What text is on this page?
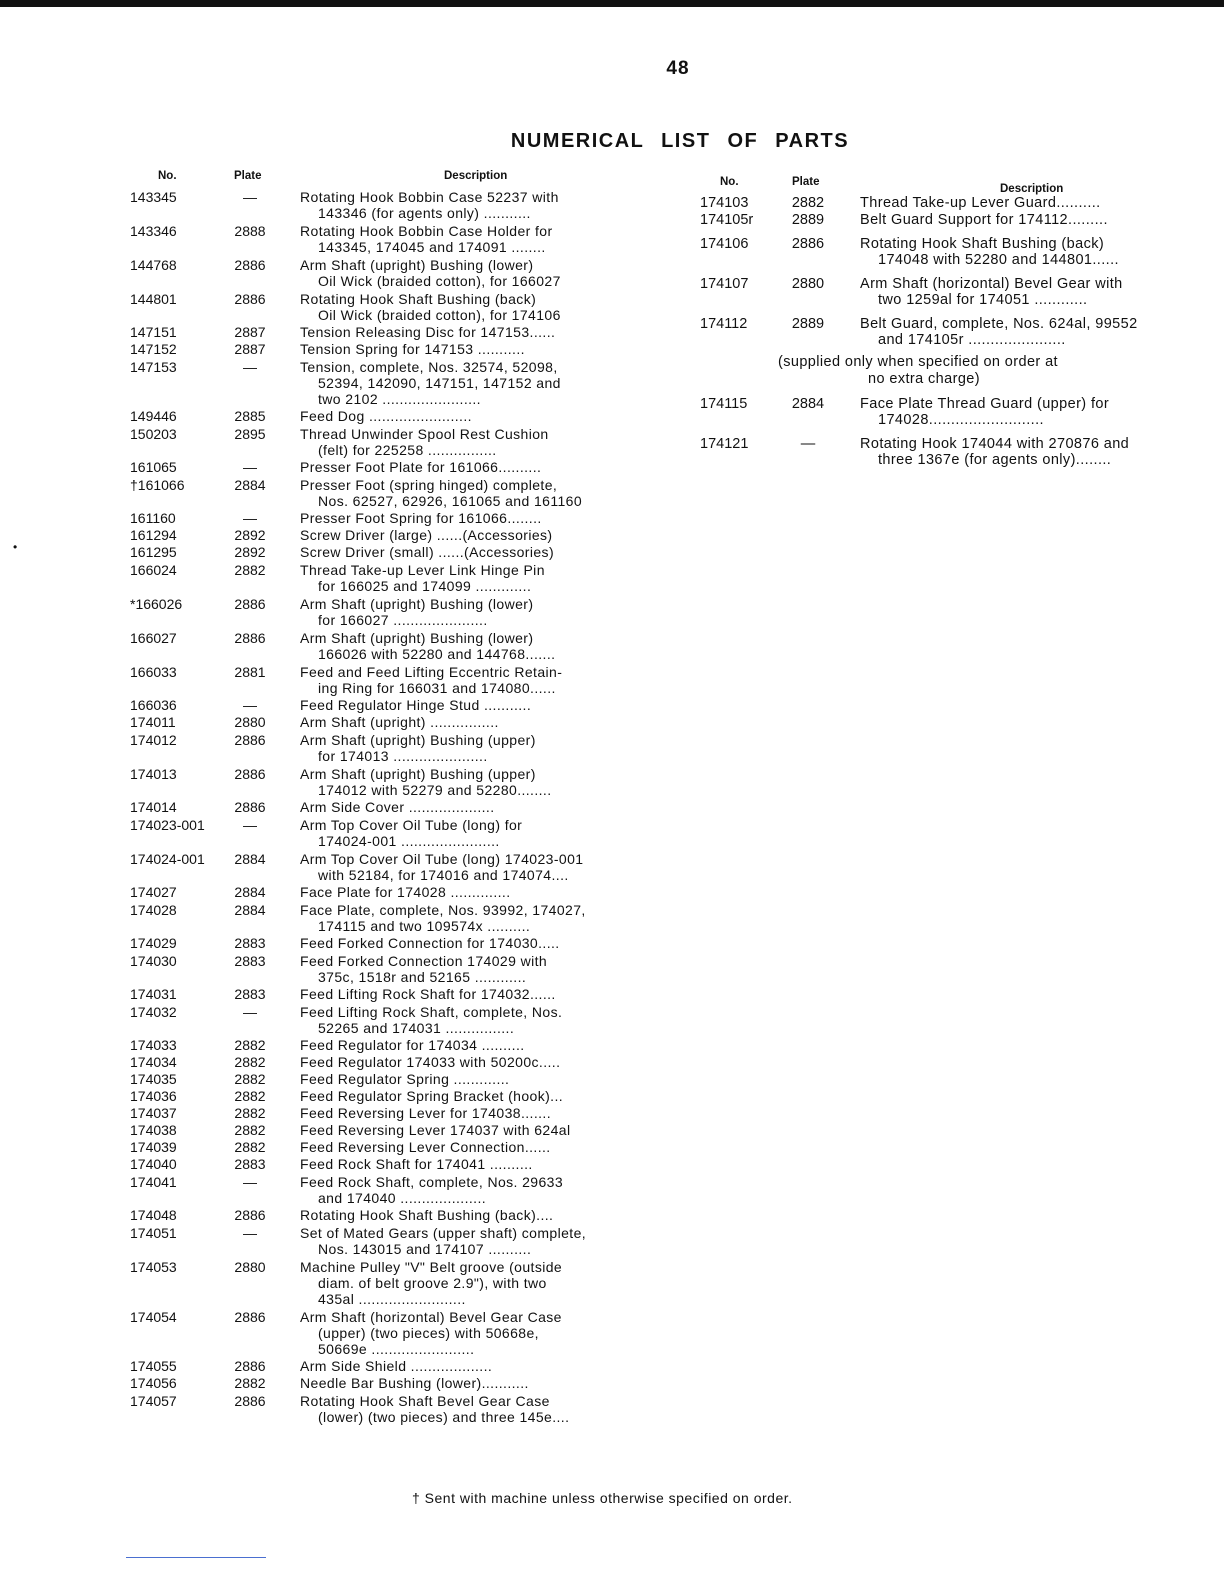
•
48
NUMERICAL LIST OF PARTS
No.	Plate	Description
143345	—	Rotating Hook Bobbin Case 52237 with
143346 (for agents only) ...........
143346	2888	Rotating Hook Bobbin Case Holder for
143345, 174045 and 174091 ........
144768	2886	Arm Shaft (upright) Bushing (lower)
Oil Wick (braided cotton), for 166027
144801	2886	Rotating Hook Shaft Bushing (back)
Oil Wick (braided cotton), for 174106
147151	2887	Tension Releasing Disc for 147153......
147152	2887	Tension Spring for 147153 ...........
147153	—	Tension, complete, Nos. 32574, 52098,
52394, 142090, 147151, 147152 and
two 2102 .......................
149446	2885	Feed Dog ........................
150203	2895	Thread Unwinder Spool Rest Cushion
(felt) for 225258 ................
161065	—	Presser Foot Plate for 161066..........
†161066	2884	Presser Foot (spring hinged) complete,
Nos. 62527, 62926, 161065 and 161160
161160	—	Presser Foot Spring for 161066........
161294	2892	Screw Driver (large) ......(Accessories)
161295	2892	Screw Driver (small) ......(Accessories)
166024	2882	Thread Take-up Lever Link Hinge Pin
for 166025 and 174099 .............
*166026	2886	Arm Shaft (upright) Bushing (lower)
for 166027 ......................
166027	2886	Arm Shaft (upright) Bushing (lower)
166026 with 52280 and 144768.......
166033	2881	Feed and Feed Lifting Eccentric Retain-
ing Ring for 166031 and 174080......
166036	—	Feed Regulator Hinge Stud ...........
174011	2880	Arm Shaft (upright) ................
174012	2886	Arm Shaft (upright) Bushing (upper)
for 174013 ......................
174013	2886	Arm Shaft (upright) Bushing (upper)
174012 with 52279 and 52280........
174014	2886	Arm Side Cover ....................
174023-001	—	Arm Top Cover Oil Tube (long) for
174024-001 .......................
174024-001	2884	Arm Top Cover Oil Tube (long) 174023-001
with 52184, for 174016 and 174074....
174027	2884	Face Plate for 174028 ..............
174028	2884	Face Plate, complete, Nos. 93992, 174027,
174115 and two 109574x ..........
174029	2883	Feed Forked Connection for 174030.....
174030	2883	Feed Forked Connection 174029 with
375c, 1518r and 52165 ............
174031	2883	Feed Lifting Rock Shaft for 174032......
174032	—	Feed Lifting Rock Shaft, complete, Nos.
52265 and 174031 ................
174033	2882	Feed Regulator for 174034 ..........
174034	2882	Feed Regulator 174033 with 50200c.....
174035	2882	Feed Regulator Spring .............
174036	2882	Feed Regulator Spring Bracket (hook)...
174037	2882	Feed Reversing Lever for 174038.......
174038	2882	Feed Reversing Lever 174037 with 624al
174039	2882	Feed Reversing Lever Connection......
174040	2883	Feed Rock Shaft for 174041 ..........
174041	—	Feed Rock Shaft, complete, Nos. 29633
and 174040 ....................
174048	2886	Rotating Hook Shaft Bushing (back)....
174051	—	Set of Mated Gears (upper shaft) complete,
Nos. 143015 and 174107 ..........
174053	2880	Machine Pulley "V" Belt groove (outside
diam. of belt groove 2.9"), with two
435al .........................
174054	2886	Arm Shaft (horizontal) Bevel Gear Case
(upper) (two pieces) with 50668e,
50669e ........................
174055	2886	Arm Side Shield ...................
174056	2882	Needle Bar Bushing (lower)...........
174057	2886	Rotating Hook Shaft Bevel Gear Case
(lower) (two pieces) and three 145e....
No.	Plate
Description
174103	2882	Thread Take-up Lever Guard..........
174105r	2889	Belt Guard Support for 174112.........
174106	2886	Rotating Hook Shaft Bushing (back)
174048 with 52280 and 144801......
174107	2880	Arm Shaft (horizontal) Bevel Gear with
two 1259al for 174051 ............
174112	2889	Belt Guard, complete, Nos. 624al, 99552
and 174105r ......................
(supplied only when specified on order at
no extra charge)
174115	2884	Face Plate Thread Guard (upper) for
174028..........................
174121	—	Rotating Hook 174044 with 270876 and
three 1367e (for agents only)........
† Sent with machine unless otherwise specified on order.
